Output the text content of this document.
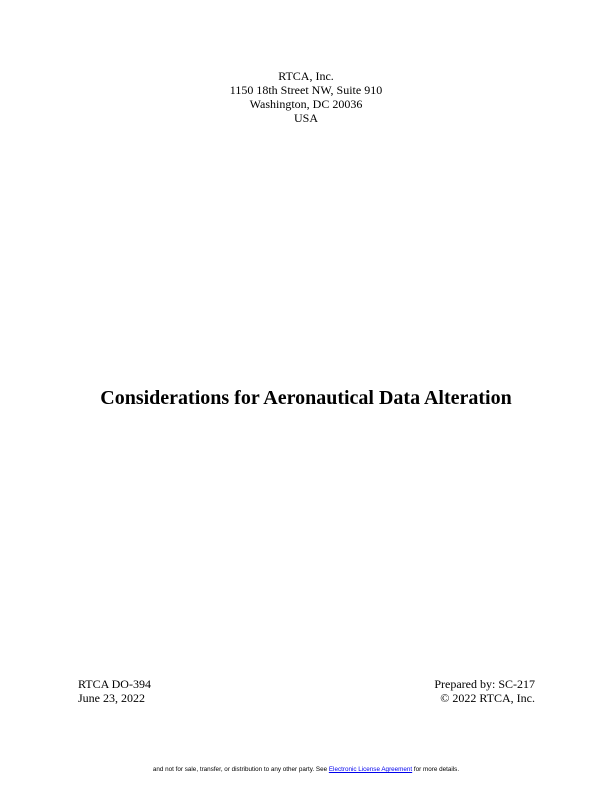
RTCA, Inc.
1150 18th Street NW, Suite 910
Washington, DC 20036
USA
Considerations for Aeronautical Data Alteration
RTCA DO-394
June 23, 2022
Prepared by: SC-217
© 2022 RTCA, Inc.
and not for sale, transfer, or distribution to any other party. See Electronic License Agreement for more details.
